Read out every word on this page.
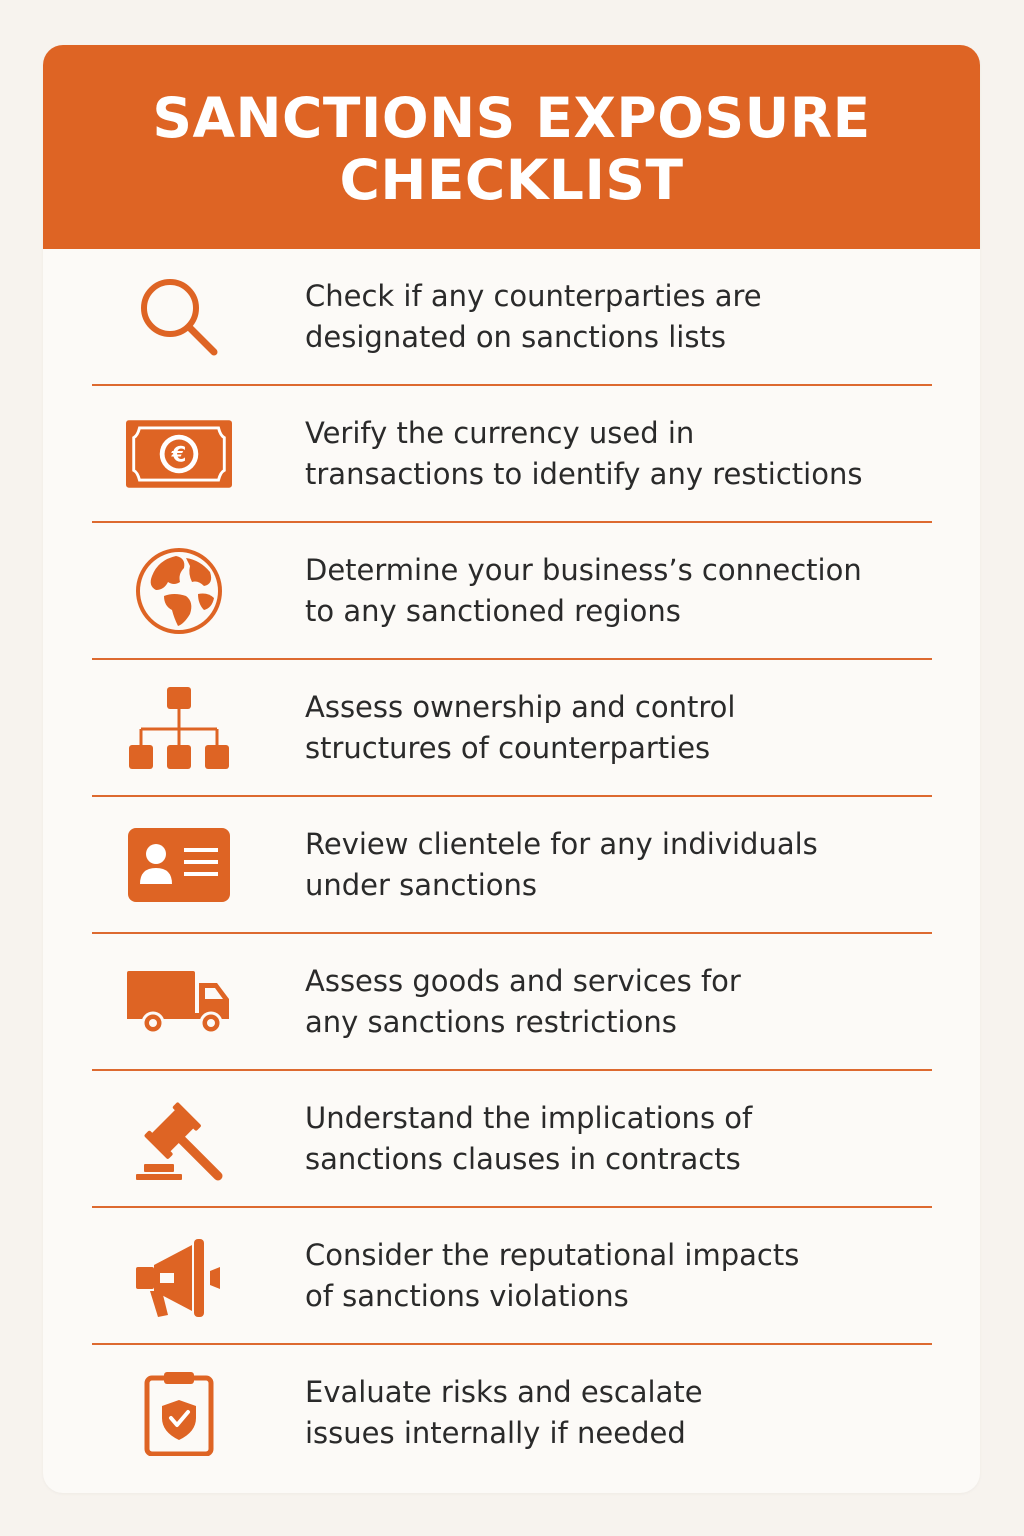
SANCTIONS EXPOSURE
CHECKLIST
Check if any counterparties are
designated on sanctions lists
€
Verify the currency used in
transactions to identify any restictions
Determine your business’s connection
to any sanctioned regions
Assess ownership and control
structures of counterparties
Review clientele for any individuals
under sanctions
Assess goods and services for
any sanctions restrictions
Understand the implications of
sanctions clauses in contracts
Consider the reputational impacts
of sanctions violations
Evaluate risks and escalate
issues internally if needed
